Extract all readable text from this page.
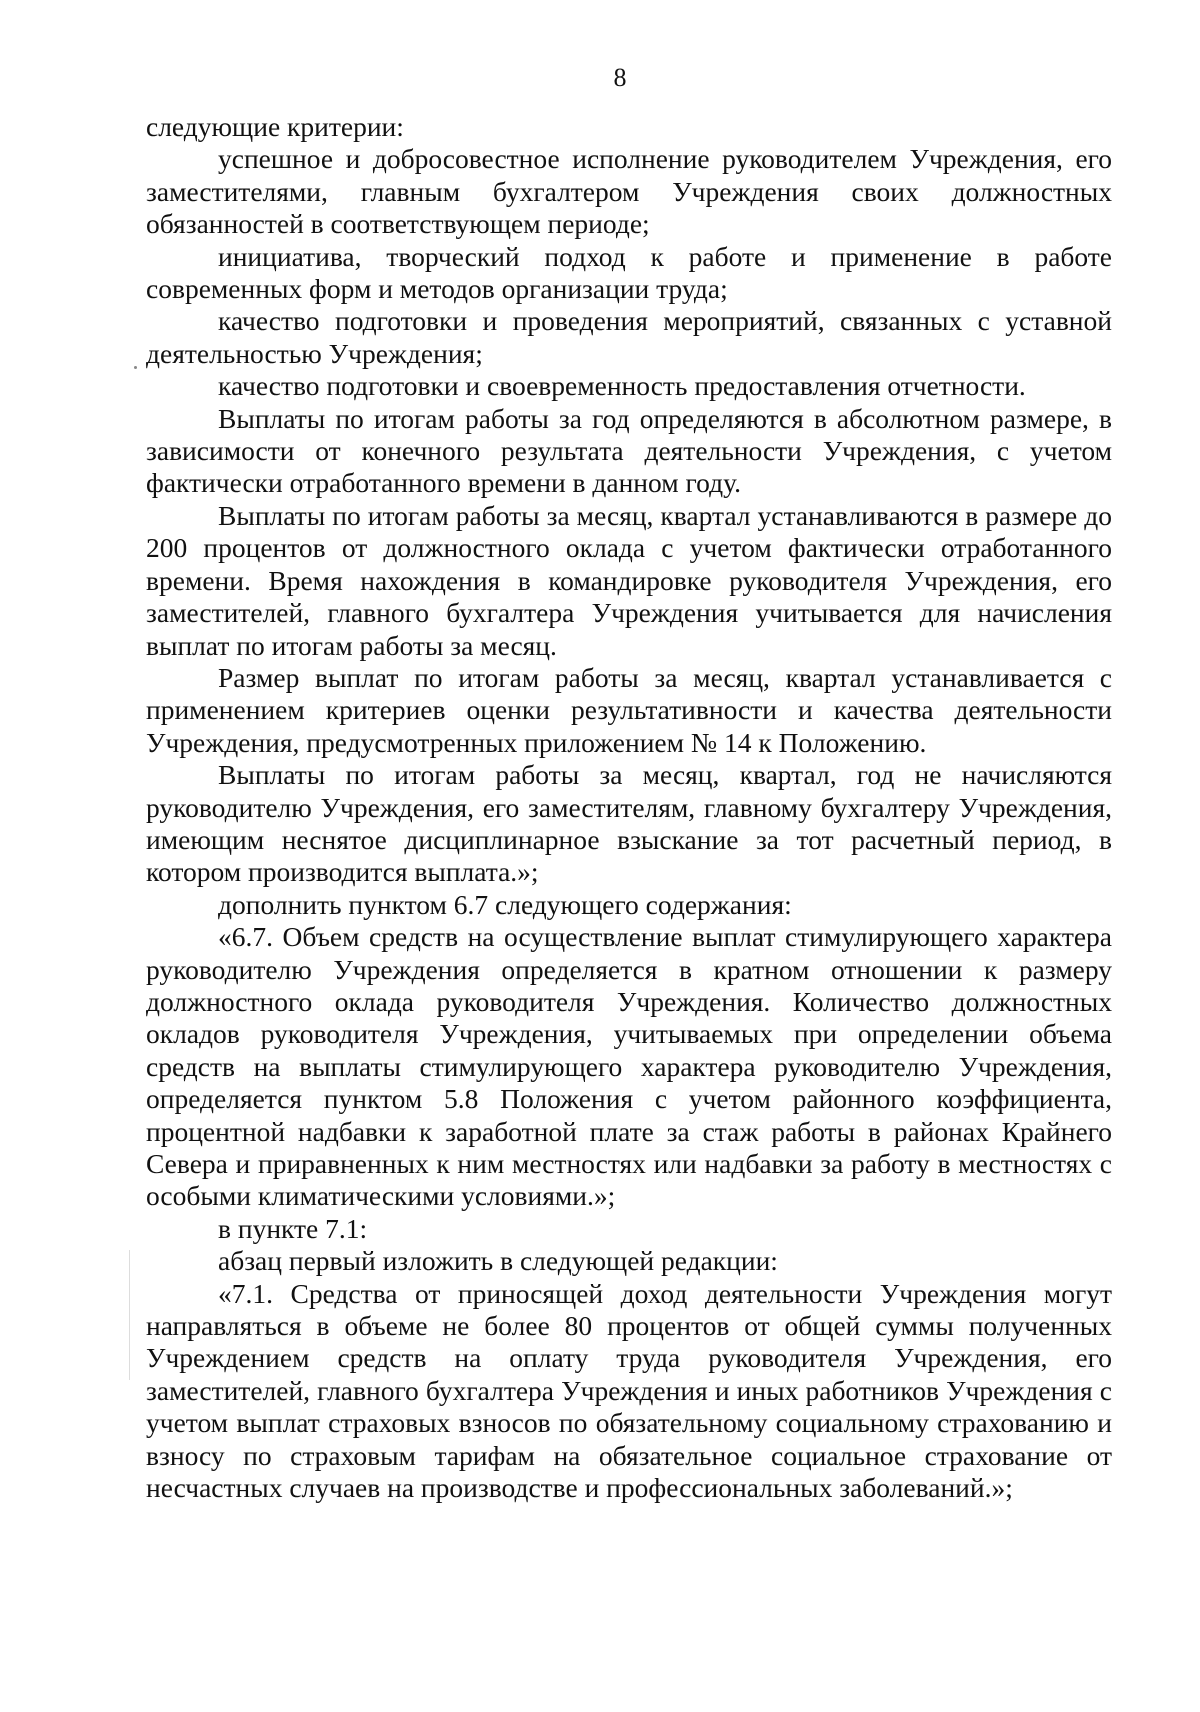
8

следующие критерии:

успешное и добросовестное исполнение руководителем Учреждения, его заместителями, главным бухгалтером Учреждения своих должностных обязанностей в соответствующем периоде;

инициатива, творческий подход к работе и применение в работе современных форм и методов организации труда;

качество подготовки и проведения мероприятий, связанных с уставной деятельностью Учреждения;

качество подготовки и своевременность предоставления отчетности.

Выплаты по итогам работы за год определяются в абсолютном размере, в зависимости от конечного результата деятельности Учреждения, с учетом фактически отработанного времени в данном году.

Выплаты по итогам работы за месяц, квартал устанавливаются в размере до 200 процентов от должностного оклада с учетом фактически отработанного времени. Время нахождения в командировке руководителя Учреждения, его заместителей, главного бухгалтера Учреждения учитывается для начисления выплат по итогам работы за месяц.

Размер выплат по итогам работы за месяц, квартал устанавливается с применением критериев оценки результативности и качества деятельности Учреждения, предусмотренных приложением № 14 к Положению.

Выплаты по итогам работы за месяц, квартал, год не начисляются руководителю Учреждения, его заместителям, главному бухгалтеру Учреждения, имеющим неснятое дисциплинарное взыскание за тот расчетный период, в котором производится выплата.»;

дополнить пунктом 6.7 следующего содержания:

«6.7. Объем средств на осуществление выплат стимулирующего характера руководителю Учреждения определяется в кратном отношении к размеру должностного оклада руководителя Учреждения. Количество должностных окладов руководителя Учреждения, учитываемых при определении объема средств на выплаты стимулирующего характера руководителю Учреждения, определяется пунктом 5.8 Положения с учетом районного коэффициента, процентной надбавки к заработной плате за стаж работы в районах Крайнего Севера и приравненных к ним местностях или надбавки за работу в местностях с особыми климатическими условиями.»;

в пункте 7.1:

абзац первый изложить в следующей редакции:

«7.1. Средства от приносящей доход деятельности Учреждения могут направляться в объеме не более 80 процентов от общей суммы полученных Учреждением средств на оплату труда руководителя Учреждения, его заместителей, главного бухгалтера Учреждения и иных работников Учреждения с учетом выплат страховых взносов по обязательному социальному страхованию и взносу по страховым тарифам на обязательное социальное страхование от несчастных случаев на производстве и профессиональных заболеваний.»;
